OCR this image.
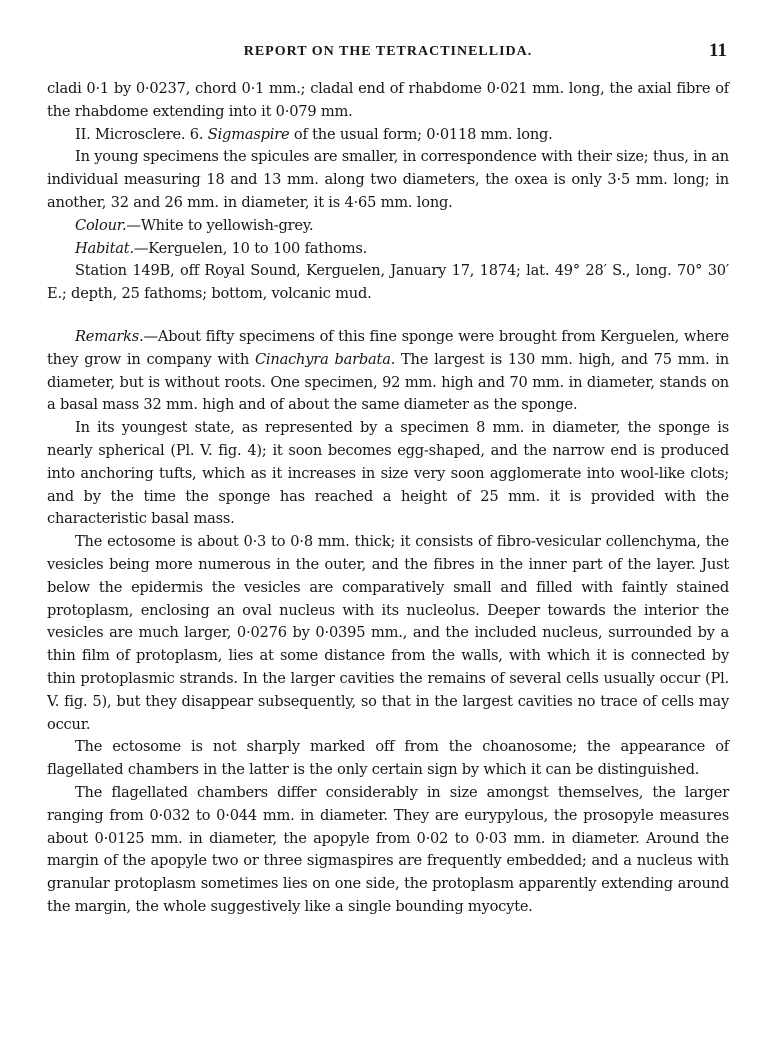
REPORT ON THE TETRACTINELLIDA.	11

cladi 0·1 by 0·0237, chord 0·1 mm.; cladal end of rhabdome 0·021 mm. long, the axial fibre of the rhabdome extending into it 0·079 mm.

II. Microsclere. 6. Sigmaspire of the usual form; 0·0118 mm. long.

In young specimens the spicules are smaller, in correspondence with their size; thus, in an individual measuring 18 and 13 mm. along two diameters, the oxea is only 3·5 mm. long; in another, 32 and 26 mm. in diameter, it is 4·65 mm. long.

Colour.—White to yellowish-grey.

Habitat.—Kerguelen, 10 to 100 fathoms.

Station 149B, off Royal Sound, Kerguelen, January 17, 1874; lat. 49° 28′ S., long. 70° 30′ E.; depth, 25 fathoms; bottom, volcanic mud.

Remarks.—About fifty specimens of this fine sponge were brought from Kerguelen, where they grow in company with Cinachyra barbata. The largest is 130 mm. high, and 75 mm. in diameter, but is without roots. One specimen, 92 mm. high and 70 mm. in diameter, stands on a basal mass 32 mm. high and of about the same diameter as the sponge.

In its youngest state, as represented by a specimen 8 mm. in diameter, the sponge is nearly spherical (Pl. V. fig. 4); it soon becomes egg-shaped, and the narrow end is produced into anchoring tufts, which as it increases in size very soon agglomerate into wool-like clots; and by the time the sponge has reached a height of 25 mm. it is provided with the characteristic basal mass.

The ectosome is about 0·3 to 0·8 mm. thick; it consists of fibro-vesicular collenchyma, the vesicles being more numerous in the outer, and the fibres in the inner part of the layer. Just below the epidermis the vesicles are comparatively small and filled with faintly stained protoplasm, enclosing an oval nucleus with its nucleolus. Deeper towards the interior the vesicles are much larger, 0·0276 by 0·0395 mm., and the included nucleus, surrounded by a thin film of protoplasm, lies at some distance from the walls, with which it is connected by thin protoplasmic strands. In the larger cavities the remains of several cells usually occur (Pl. V. fig. 5), but they disappear subsequently, so that in the largest cavities no trace of cells may occur.

The ectosome is not sharply marked off from the choanosome; the appearance of flagellated chambers in the latter is the only certain sign by which it can be distinguished.

The flagellated chambers differ considerably in size amongst themselves, the larger ranging from 0·032 to 0·044 mm. in diameter. They are eurypylous, the prosopyle measures about 0·0125 mm. in diameter, the apopyle from 0·02 to 0·03 mm. in diameter. Around the margin of the apopyle two or three sigmaspires are frequently embedded; and a nucleus with granular protoplasm sometimes lies on one side, the protoplasm apparently extending around the margin, the whole suggestively like a single bounding myocyte.
